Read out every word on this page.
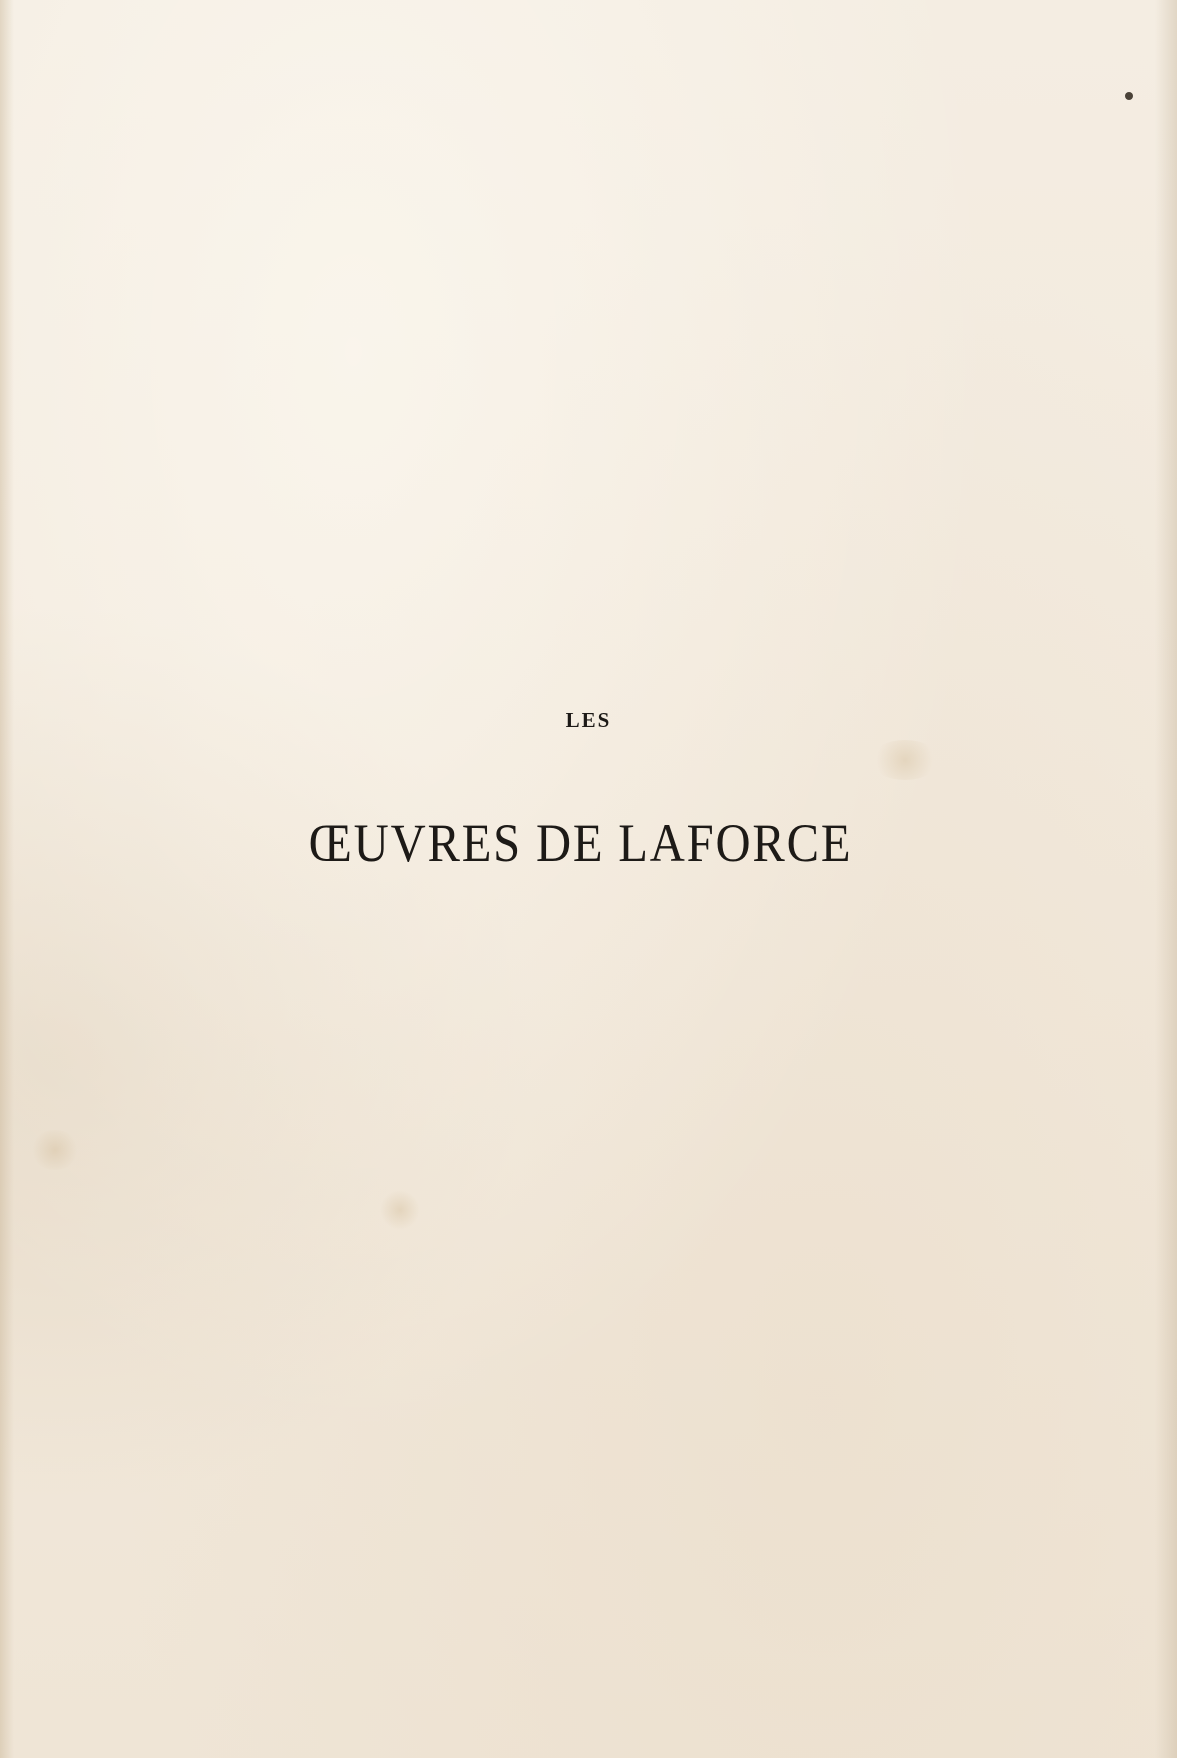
LES
ŒUVRES DE LAFORCE
